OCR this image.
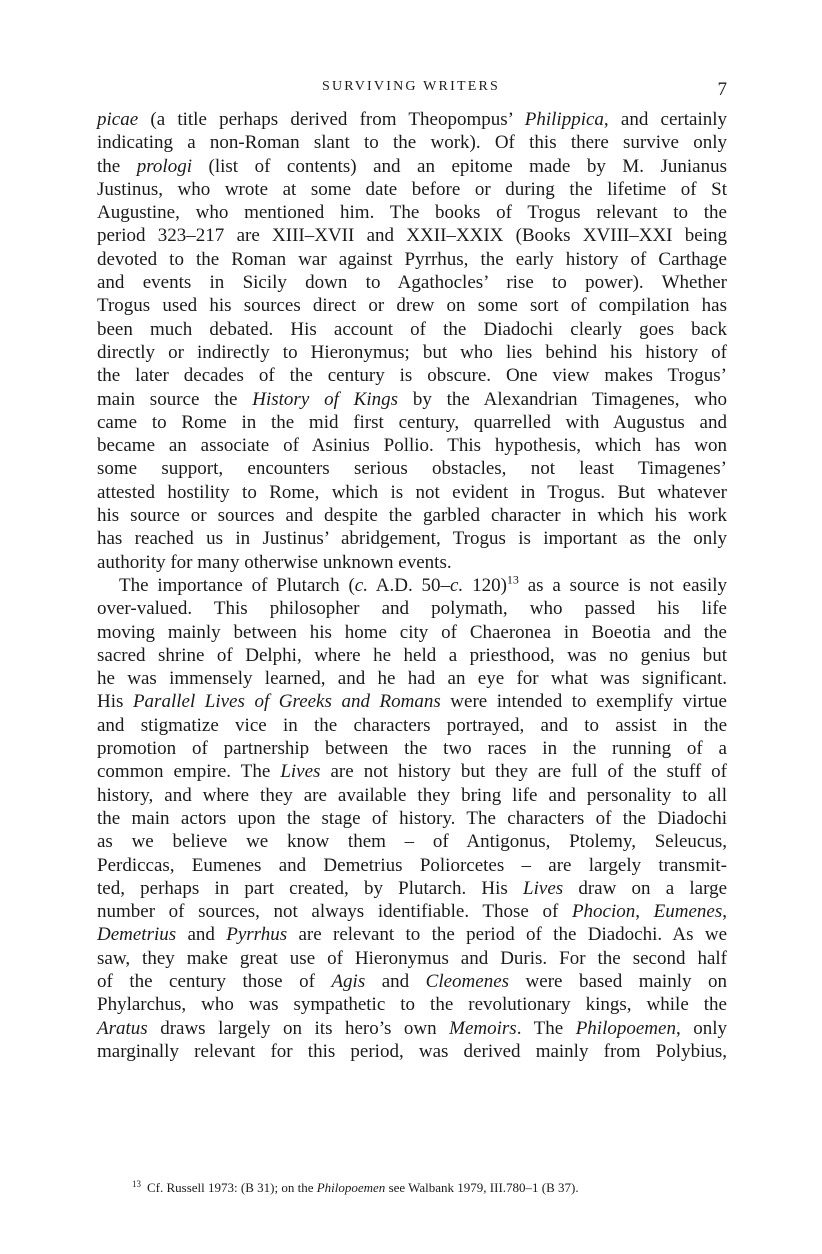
SURVIVING WRITERS	7

picae (a title perhaps derived from Theopompus’ Philippica, and certainly
indicating a non-Roman slant to the work). Of this there survive only
the prologi (list of contents) and an epitome made by M. Junianus
Justinus, who wrote at some date before or during the lifetime of St
Augustine, who mentioned him. The books of Trogus relevant to the
period 323–217 are XIII–XVII and XXII–XXIX (Books XVIII–XXI being
devoted to the Roman war against Pyrrhus, the early history of Carthage
and events in Sicily down to Agathocles’ rise to power). Whether
Trogus used his sources direct or drew on some sort of compilation has
been much debated. His account of the Diadochi clearly goes back
directly or indirectly to Hieronymus; but who lies behind his history of
the later decades of the century is obscure. One view makes Trogus’
main source the History of Kings by the Alexandrian Timagenes, who
came to Rome in the mid first century, quarrelled with Augustus and
became an associate of Asinius Pollio. This hypothesis, which has won
some support, encounters serious obstacles, not least Timagenes’
attested hostility to Rome, which is not evident in Trogus. But whatever
his source or sources and despite the garbled character in which his work
has reached us in Justinus’ abridgement, Trogus is important as the only
authority for many otherwise unknown events.

The importance of Plutarch (c. A.D. 50–c. 120)$^{13}$ as a source is not easily
over-valued. This philosopher and polymath, who passed his life
moving mainly between his home city of Chaeronea in Boeotia and the
sacred shrine of Delphi, where he held a priesthood, was no genius but
he was immensely learned, and he had an eye for what was significant.
His Parallel Lives of Greeks and Romans were intended to exemplify virtue
and stigmatize vice in the characters portrayed, and to assist in the
promotion of partnership between the two races in the running of a
common empire. The Lives are not history but they are full of the stuff of
history, and where they are available they bring life and personality to all
the main actors upon the stage of history. The characters of the Diadochi
as we believe we know them – of Antigonus, Ptolemy, Seleucus,
Perdiccas, Eumenes and Demetrius Poliorcetes – are largely transmit-
ted, perhaps in part created, by Plutarch. His Lives draw on a large
number of sources, not always identifiable. Those of Phocion, Eumenes,
Demetrius and Pyrrhus are relevant to the period of the Diadochi. As we
saw, they make great use of Hieronymus and Duris. For the second half
of the century those of Agis and Cleomenes were based mainly on
Phylarchus, who was sympathetic to the revolutionary kings, while the
Aratus draws largely on its hero’s own Memoirs. The Philopoemen, only
marginally relevant for this period, was derived mainly from Polybius,

$^{13}$ Cf. Russell 1973: (B 31); on the Philopoemen see Walbank 1979, III.780–1 (B 37).
